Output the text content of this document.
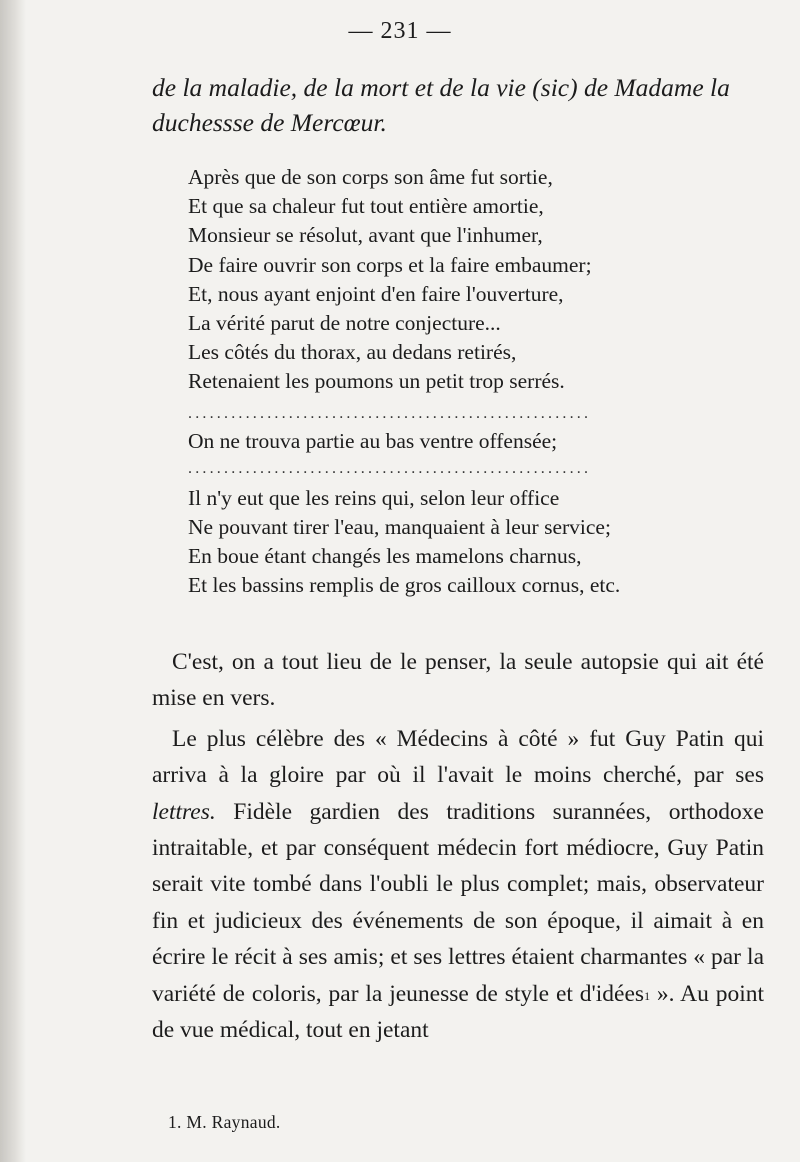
— 231 —
de la maladie, de la mort et de la vie (sic) de Madame la duchessse de Mercœur.
Après que de son corps son âme fut sortie,
Et que sa chaleur fut tout entière amortie,
Monsieur se résolut, avant que l'inhumer,
De faire ouvrir son corps et la faire embaumer;
Et, nous ayant enjoint d'en faire l'ouverture,
La vérité parut de notre conjecture...
Les côtés du thorax, au dedans retirés,
Retenaient les poumons un petit trop serrés.
........................................................
On ne trouva partie au bas ventre offensée;
........................................................
Il n'y eut que les reins qui, selon leur office
Ne pouvant tirer l'eau, manquaient à leur service;
En boue étant changés les mamelons charnus,
Et les bassins remplis de gros cailloux cornus, etc.

C'est, on a tout lieu de le penser, la seule autopsie qui ait été mise en vers.

Le plus célèbre des « Médecins à côté » fut Guy Patin qui arriva à la gloire par où il l'avait le moins cherché, par ses lettres. Fidèle gardien des traditions surannées, orthodoxe intraitable, et par conséquent médecin fort médiocre, Guy Patin serait vite tombé dans l'oubli le plus complet; mais, observateur fin et judicieux des événements de son époque, il aimait à en écrire le récit à ses amis; et ses lettres étaient charmantes « par la variété de coloris, par la jeunesse de style et d'idées$^1$ ». Au point de vue médical, tout en jetant

1. M. Raynaud.
